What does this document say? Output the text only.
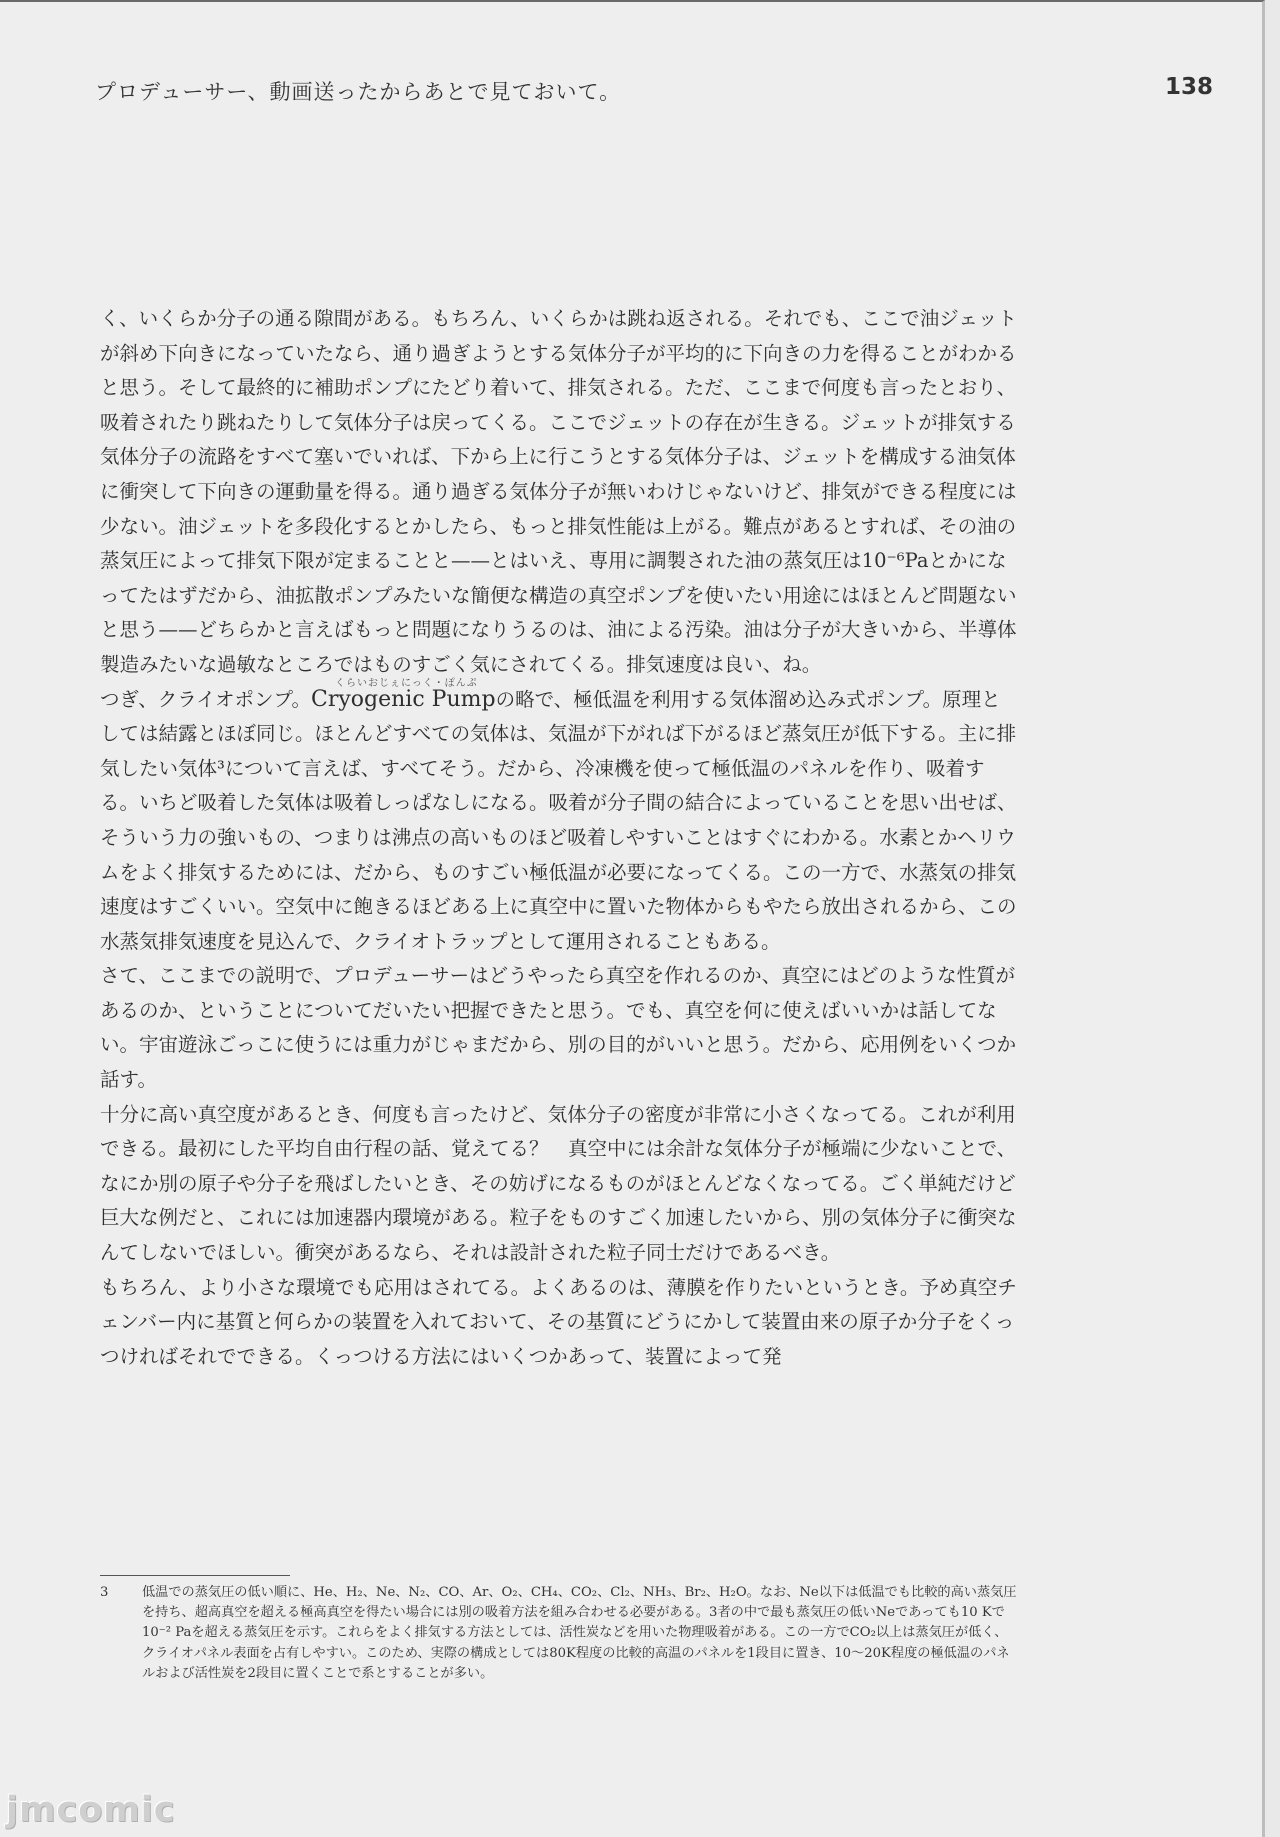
プロデューサー、動画送ったからあとで見ておいて。	138

く、いくらか分子の通る隙間がある。もちろん、いくらかは跳ね返される。それでも、ここで油ジェットが斜め下向きになっていたなら、通り過ぎようとする気体分子が平均的に下向きの力を得ることがわかると思う。そして最終的に補助ポンプにたどり着いて、排気される。ただ、ここまで何度も言ったとおり、吸着されたり跳ねたりして気体分子は戻ってくる。ここでジェットの存在が生きる。ジェットが排気する気体分子の流路をすべて塞いでいれば、下から上に行こうとする気体分子は、ジェットを構成する油気体に衝突して下向きの運動量を得る。通り過ぎる気体分子が無いわけじゃないけど、排気ができる程度には少ない。油ジェットを多段化するとかしたら、もっと排気性能は上がる。難点があるとすれば、その油の蒸気圧によって排気下限が定まることと——とはいえ、専用に調製された油の蒸気圧は10⁻⁶Paとかになってたはずだから、油拡散ポンプみたいな簡便な構造の真空ポンプを使いたい用途にはほとんど問題ないと思う——どちらかと言えばもっと問題になりうるのは、油による汚染。油は分子が大きいから、半導体製造みたいな過敏なところではものすごく気にされてくる。排気速度は良い、ね。

くらいおじぇにっく・ぽんぷ
つぎ、クライオポンプ。Cryogenic Pumpの略で、極低温を利用する気体溜め込み式ポンプ。原理としては結露とほぼ同じ。ほとんどすべての気体は、気温が下がれば下がるほど蒸気圧が低下する。主に排気したい気体³について言えば、すべてそう。だから、冷凍機を使って極低温のパネルを作り、吸着する。いちど吸着した気体は吸着しっぱなしになる。吸着が分子間の結合によっていることを思い出せば、そういう力の強いもの、つまりは沸点の高いものほど吸着しやすいことはすぐにわかる。水素とかヘリウムをよく排気するためには、だから、ものすごい極低温が必要になってくる。この一方で、水蒸気の排気速度はすごくいい。空気中に飽きるほどある上に真空中に置いた物体からもやたら放出されるから、この水蒸気排気速度を見込んで、クライオトラップとして運用されることもある。

さて、ここまでの説明で、プロデューサーはどうやったら真空を作れるのか、真空にはどのような性質があるのか、ということについてだいたい把握できたと思う。でも、真空を何に使えばいいかは話してない。宇宙遊泳ごっこに使うには重力がじゃまだから、別の目的がいいと思う。だから、応用例をいくつか話す。

十分に高い真空度があるとき、何度も言ったけど、気体分子の密度が非常に小さくなってる。これが利用できる。最初にした平均自由行程の話、覚えてる？　真空中には余計な気体分子が極端に少ないことで、なにか別の原子や分子を飛ばしたいとき、その妨げになるものがほとんどなくなってる。ごく単純だけど巨大な例だと、これには加速器内環境がある。粒子をものすごく加速したいから、別の気体分子に衝突なんてしないでほしい。衝突があるなら、それは設計された粒子同士だけであるべき。

もちろん、より小さな環境でも応用はされてる。よくあるのは、薄膜を作りたいというとき。予め真空チェンバー内に基質と何らかの装置を入れておいて、その基質にどうにかして装置由来の原子か分子をくっつければそれでできる。くっつける方法にはいくつかあって、装置によって発

3	低温での蒸気圧の低い順に、He、H₂、Ne、N₂、CO、Ar、O₂、CH₄、CO₂、Cl₂、NH₃、Br₂、H₂O。なお、Ne以下は低温でも比較的高い蒸気圧を持ち、超高真空を超える極高真空を得たい場合には別の吸着方法を組み合わせる必要がある。3者の中で最も蒸気圧の低いNeであっても10 Kで10⁻² Paを超える蒸気圧を示す。これらをよく排気する方法としては、活性炭などを用いた物理吸着がある。この一方でCO₂以上は蒸気圧が低く、クライオパネル表面を占有しやすい。このため、実際の構成としては80K程度の比較的高温のパネルを1段目に置き、10〜20K程度の極低温のパネルおよび活性炭を2段目に置くことで系とすることが多い。
jmcomic
